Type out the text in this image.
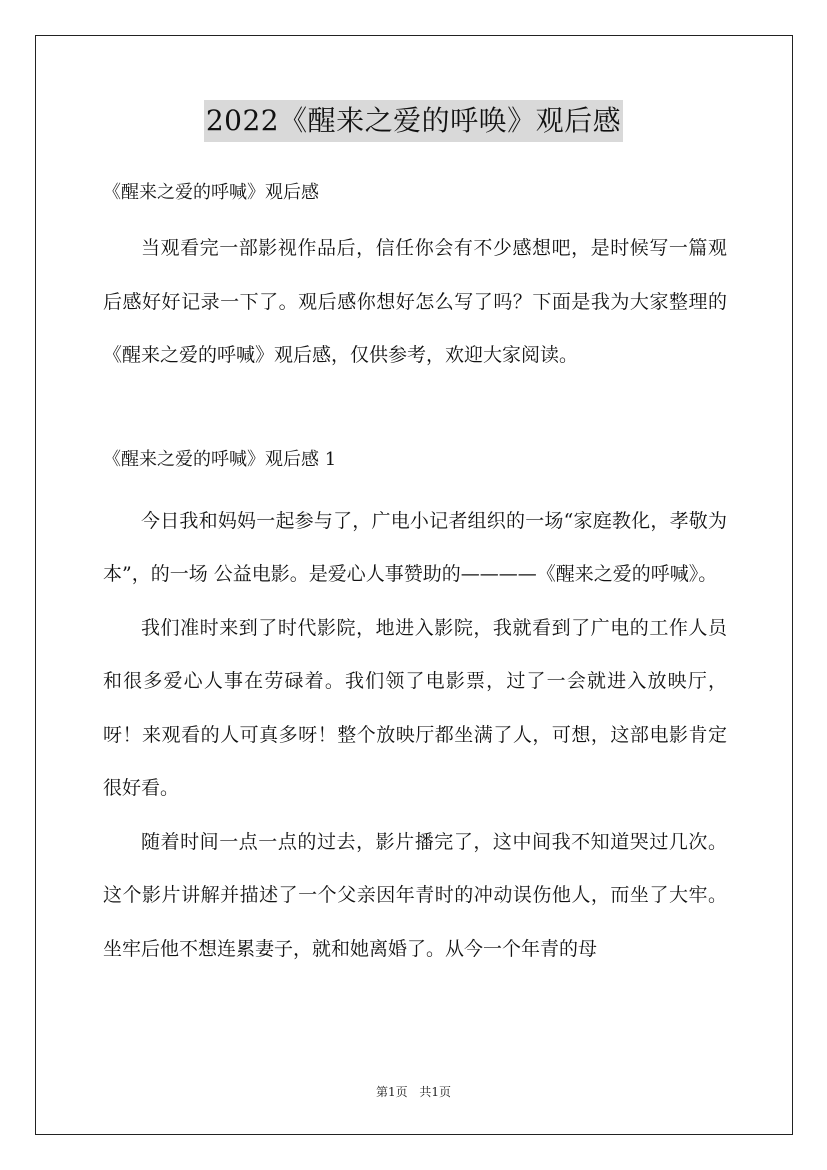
2022《醒来之爱的呼唤》观后感

《醒来之爱的呼喊》观后感

当观看完一部影视作品后，信任你会有不少感想吧，是时候写一篇观后感好好记录一下了。观后感你想好怎么写了吗？下面是我为大家整理的《醒来之爱的呼喊》观后感，仅供参考，欢迎大家阅读。

《醒来之爱的呼喊》观后感 1

今日我和妈妈一起参与了，广电小记者组织的一场“家庭教化，孝敬为本”，的一场 公益电影。是爱心人事赞助的————《醒来之爱的呼喊》。

我们准时来到了时代影院，地进入影院，我就看到了广电的工作人员和很多爱心人事在劳碌着。我们领了电影票，过了一会就进入放映厅，呀！来观看的人可真多呀！整个放映厅都坐满了人，可想，这部电影肯定很好看。

随着时间一点一点的过去，影片播完了，这中间我不知道哭过几次。这个影片讲解并描述了一个父亲因年青时的冲动误伤他人，而坐了大牢。坐牢后他不想连累妻子，就和她离婚了。从今一个年青的母

第1页 共1页
